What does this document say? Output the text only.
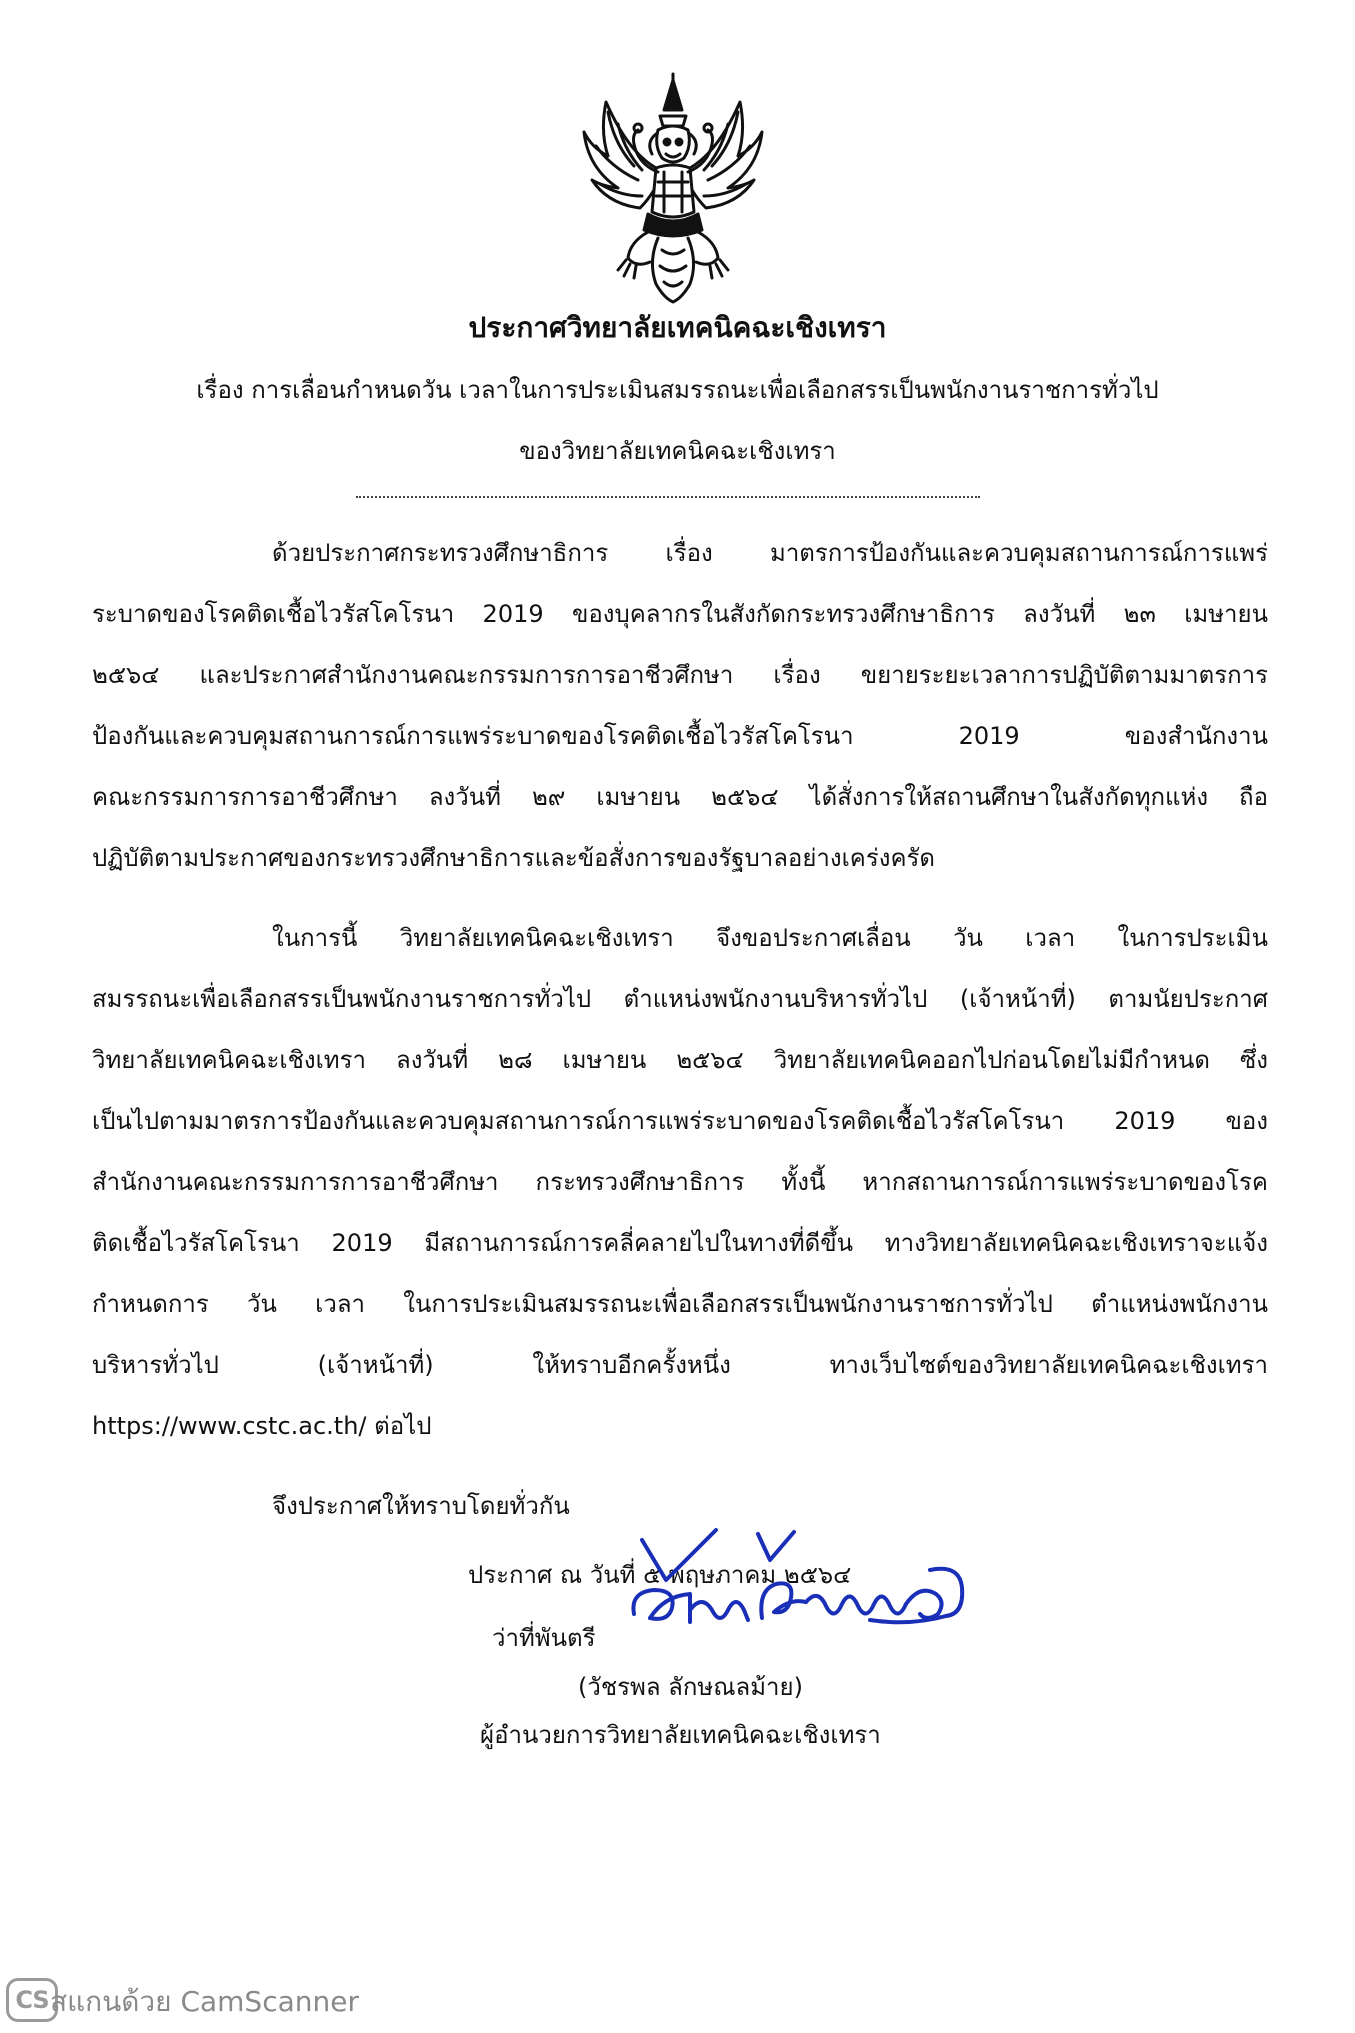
ประกาศวิทยาลัยเทคนิคฉะเชิงเทรา
เรื่อง การเลื่อนกำหนดวัน เวลาในการประเมินสมรรถนะเพื่อเลือกสรรเป็นพนักงานราชการทั่วไป
ของวิทยาลัยเทคนิคฉะเชิงเทรา
ด้วยประกาศกระทรวงศึกษาธิการ เรื่อง มาตรการป้องกันและควบคุมสถานการณ์การแพร่
ระบาดของโรคติดเชื้อไวรัสโคโรนา 2019 ของบุคลากรในสังกัดกระทรวงศึกษาธิการ ลงวันที่ ๒๓ เมษายน
๒๕๖๔ และประกาศสำนักงานคณะกรรมการการอาชีวศึกษา เรื่อง ขยายระยะเวลาการปฏิบัติตามมาตรการ
ป้องกันและควบคุมสถานการณ์การแพร่ระบาดของโรคติดเชื้อไวรัสโคโรนา 2019 ของสำนักงาน
คณะกรรมการการอาชีวศึกษา ลงวันที่ ๒๙ เมษายน ๒๕๖๔ ได้สั่งการให้สถานศึกษาในสังกัดทุกแห่ง ถือ
ปฏิบัติตามประกาศของกระทรวงศึกษาธิการและข้อสั่งการของรัฐบาลอย่างเคร่งครัด
ในการนี้ วิทยาลัยเทคนิคฉะเชิงเทรา จึงขอประกาศเลื่อน วัน เวลา ในการประเมิน
สมรรถนะเพื่อเลือกสรรเป็นพนักงานราชการทั่วไป ตำแหน่งพนักงานบริหารทั่วไป (เจ้าหน้าที่) ตามนัยประกาศ
วิทยาลัยเทคนิคฉะเชิงเทรา ลงวันที่ ๒๘ เมษายน ๒๕๖๔ วิทยาลัยเทคนิคออกไปก่อนโดยไม่มีกำหนด ซึ่ง
เป็นไปตามมาตรการป้องกันและควบคุมสถานการณ์การแพร่ระบาดของโรคติดเชื้อไวรัสโคโรนา 2019 ของ
สำนักงานคณะกรรมการการอาชีวศึกษา กระทรวงศึกษาธิการ ทั้งนี้ หากสถานการณ์การแพร่ระบาดของโรค
ติดเชื้อไวรัสโคโรนา 2019 มีสถานการณ์การคลี่คลายไปในทางที่ดีขึ้น ทางวิทยาลัยเทคนิคฉะเชิงเทราจะแจ้ง
กำหนดการ วัน เวลา ในการประเมินสมรรถนะเพื่อเลือกสรรเป็นพนักงานราชการทั่วไป ตำแหน่งพนักงาน
บริหารทั่วไป (เจ้าหน้าที่) ให้ทราบอีกครั้งหนึ่ง ทางเว็บไซต์ของวิทยาลัยเทคนิคฉะเชิงเทรา
https://www.cstc.ac.th/ ต่อไป
จึงประกาศให้ทราบโดยทั่วกัน
ประกาศ ณ วันที่ ๕ พฤษภาคม ๒๕๖๔
ว่าที่พันตรี
(วัชรพล ลักษณลม้าย)
ผู้อำนวยการวิทยาลัยเทคนิคฉะเชิงเทรา
CS สแกนด้วย CamScanner
